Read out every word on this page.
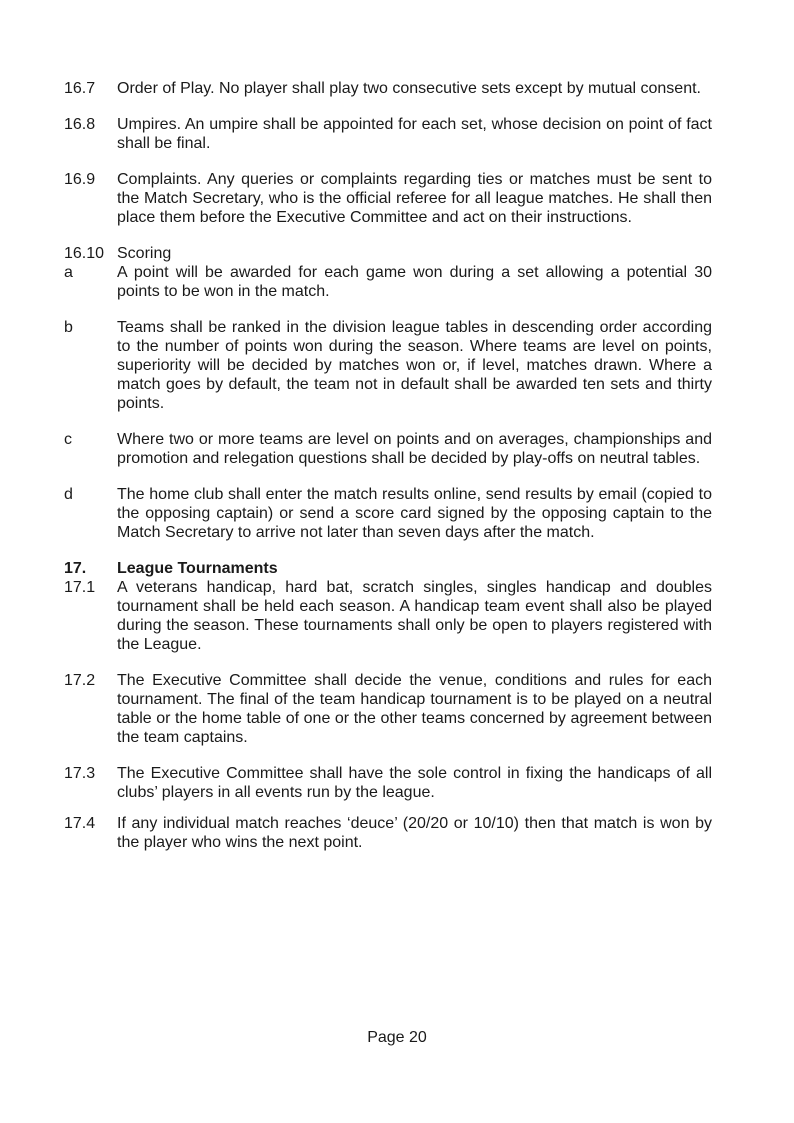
16.7	Order of Play. No player shall play two consecutive sets except by mutual consent.

16.8	Umpires. An umpire shall be appointed for each set, whose decision on point of fact shall be final.

16.9	Complaints. Any queries or complaints regarding ties or matches must be sent to the Match Secretary, who is the official referee for all league matches. He shall then place them before the Executive Committee and act on their instructions.

16.10 Scoring

a	A point will be awarded for each game won during a set allowing a potential 30 points to be won in the match.

b	Teams shall be ranked in the division league tables in descending order according to the number of points won during the season. Where teams are level on points, superiority will be decided by matches won or, if level, matches drawn. Where a match goes by default, the team not in default shall be awarded ten sets and thirty points.

c	Where two or more teams are level on points and on averages, championships and promotion and relegation questions shall be decided by play-offs on neutral tables.

d	The home club shall enter the match results online, send results by email (copied to the opposing captain) or send a score card signed by the opposing captain to the Match Secretary to arrive not later than seven days after the match.

17.	League Tournaments

17.1	A veterans handicap, hard bat, scratch singles, singles handicap and doubles tournament shall be held each season. A handicap team event shall also be played during the season. These tournaments shall only be open to players registered with the League.

17.2	The Executive Committee shall decide the venue, conditions and rules for each tournament. The final of the team handicap tournament is to be played on a neutral table or the home table of one or the other teams concerned by agreement between the team captains.

17.3	The Executive Committee shall have the sole control in fixing the handicaps of all clubs’ players in all events run by the league.

17.4	If any individual match reaches ‘deuce’ (20/20 or 10/10) then that match is won by the player who wins the next point.

Page 20
